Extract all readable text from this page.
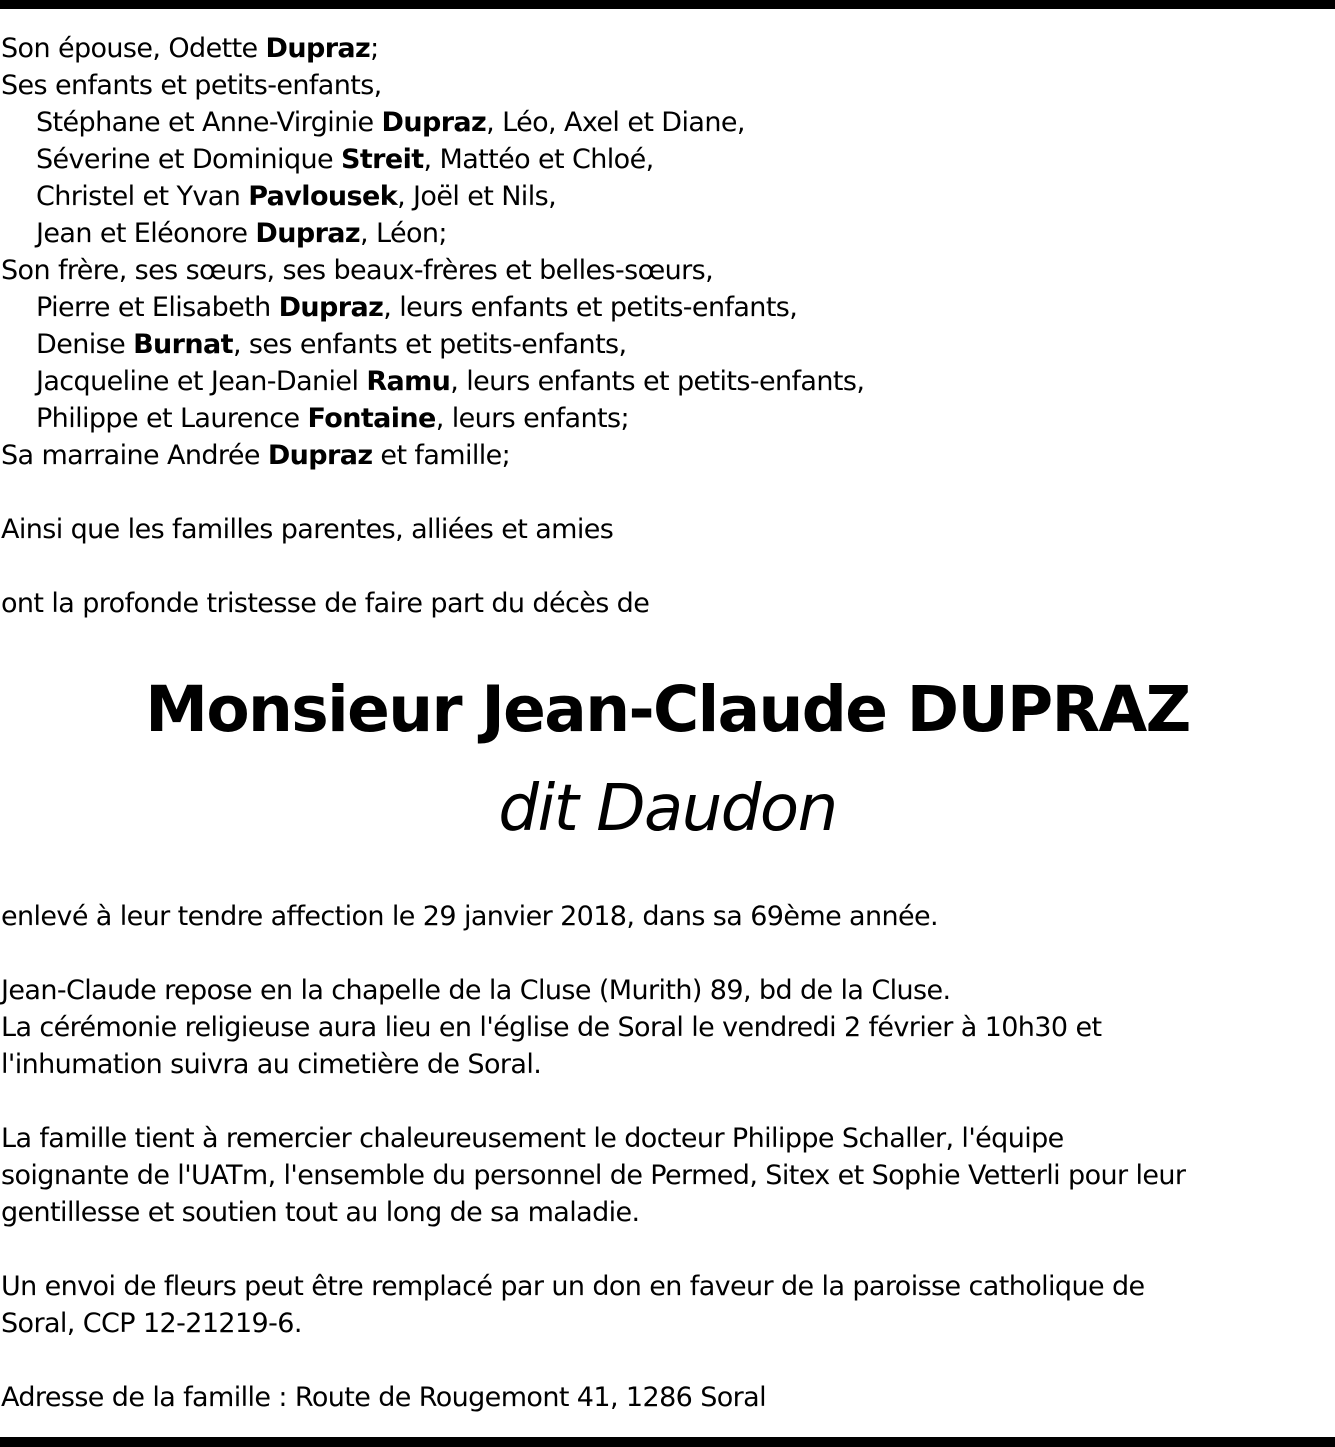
Son épouse, Odette Dupraz;
Ses enfants et petits-enfants,
Stéphane et Anne-Virginie Dupraz, Léo, Axel et Diane,
Séverine et Dominique Streit, Mattéo et Chloé,
Christel et Yvan Pavlousek, Joël et Nils,
Jean et Eléonore Dupraz, Léon;
Son frère, ses sœurs, ses beaux-frères et belles-sœurs,
Pierre et Elisabeth Dupraz, leurs enfants et petits-enfants,
Denise Burnat, ses enfants et petits-enfants,
Jacqueline et Jean-Daniel Ramu, leurs enfants et petits-enfants,
Philippe et Laurence Fontaine, leurs enfants;
Sa marraine Andrée Dupraz et famille;
Ainsi que les familles parentes, alliées et amies
ont la profonde tristesse de faire part du décès de
Monsieur Jean-Claude DUPRAZ
dit Daudon
enlevé à leur tendre affection le 29 janvier 2018, dans sa 69ème année.
Jean-Claude repose en la chapelle de la Cluse (Murith) 89, bd de la Cluse.
La cérémonie religieuse aura lieu en l'église de Soral le vendredi 2 février à 10h30 et
l'inhumation suivra au cimetière de Soral.
La famille tient à remercier chaleureusement le docteur Philippe Schaller, l'équipe
soignante de l'UATm, l'ensemble du personnel de Permed, Sitex et Sophie Vetterli pour leur
gentillesse et soutien tout au long de sa maladie.
Un envoi de fleurs peut être remplacé par un don en faveur de la paroisse catholique de
Soral, CCP 12-21219-6.
Adresse de la famille : Route de Rougemont 41, 1286 Soral
